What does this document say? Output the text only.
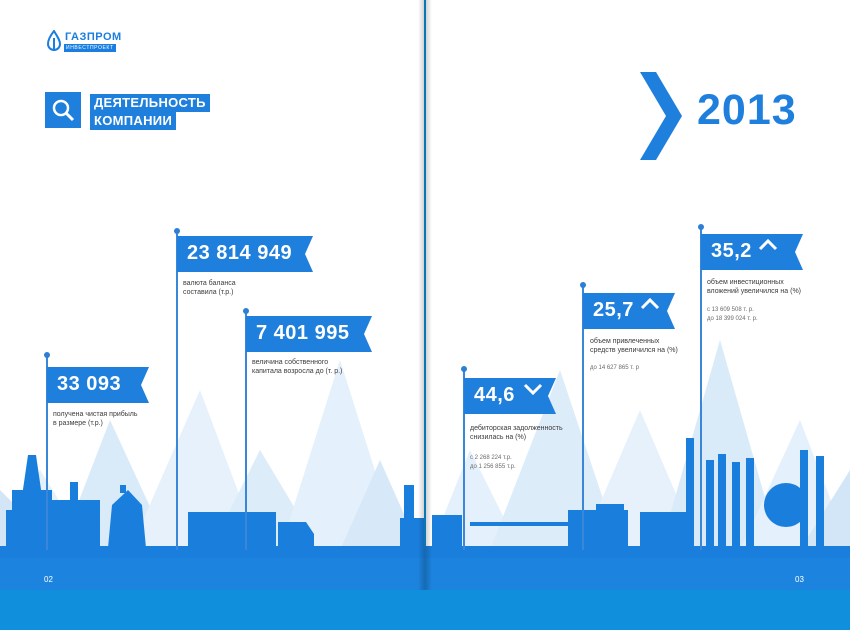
ГАЗПРОМ
ИНВЕСТПРОЕКТ
ДЕЯТЕЛЬНОСТЬ
КОМПАНИИ	2013
33 093
получена чистая прибыль
в размере (т.р.)
23 814 949
валюта баланса
составила (т.р.)
7 401 995
величина собственного
капитала возросла до (т. р.)
44,6
дебиторская задолженность
снизилась на (%)
с 2 268 224 т.р.
до 1 256 855 т.р.
25,7
объем привлеченных
средств увеличился на (%)
до 14 627 865 т. р
35,2
объем инвестиционных
вложений увеличился на (%)
с 13 609 508 т. р.
до 18 399 024 т. р.
02	03
